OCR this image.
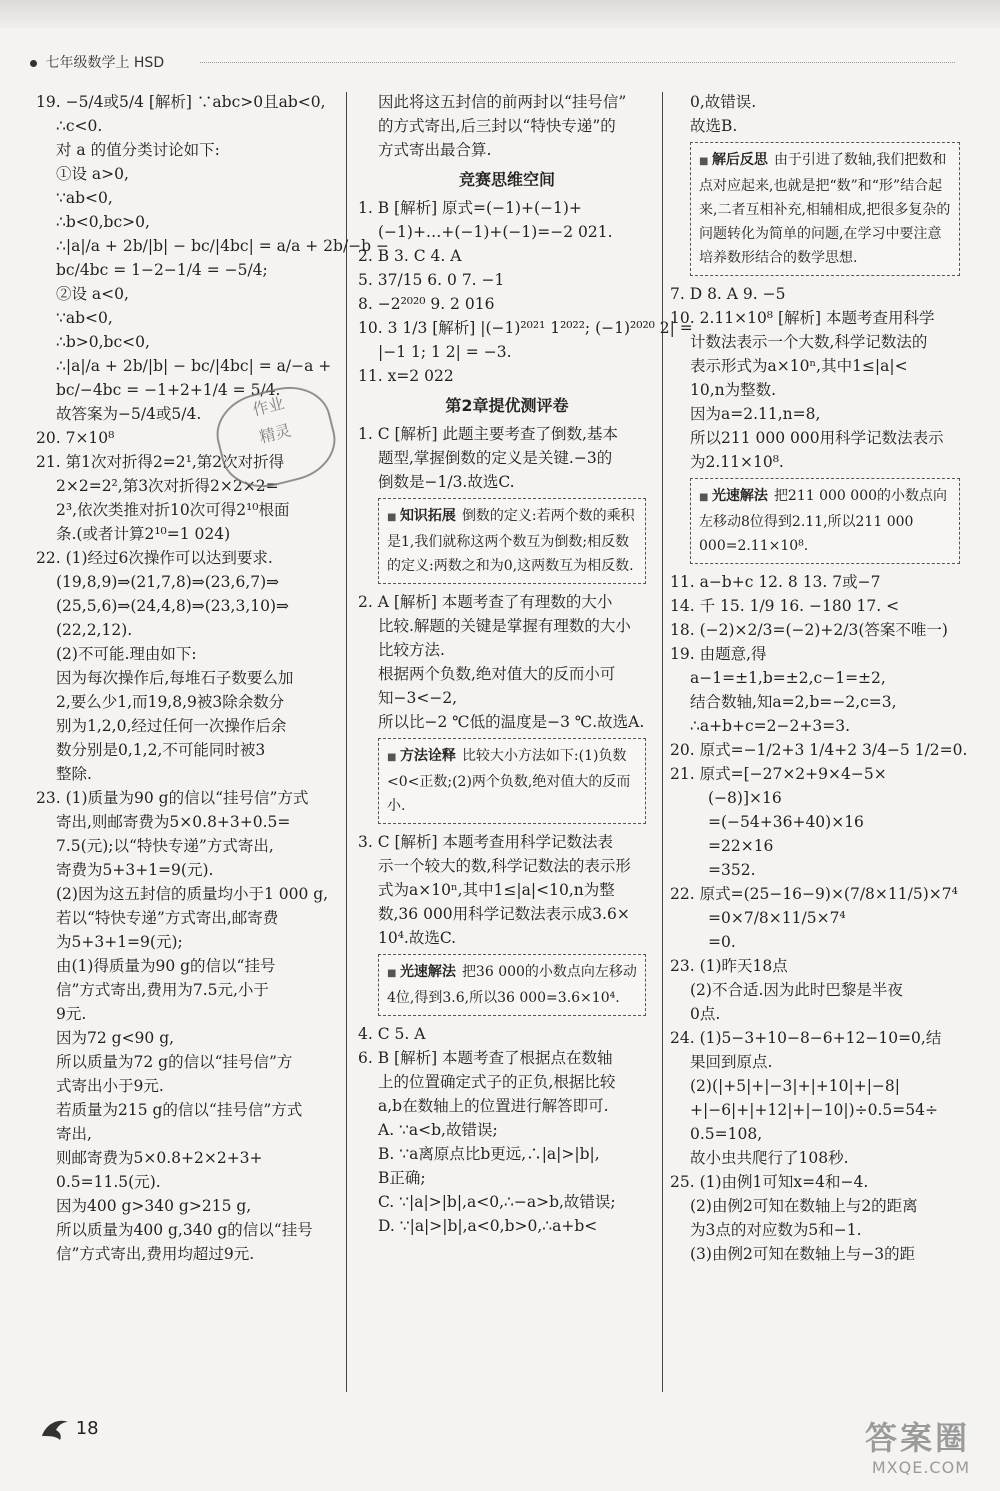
七年级数学上 HSD
19. −5/4或5/4 [解析] ∵abc>0且ab<0,
∴c<0.
对 a 的值分类讨论如下:
①设 a>0,
∵ab<0,
∴b<0,bc>0,
∴|a|/a + 2b/|b| − bc/|4bc| = a/a + 2b/−b −
bc/4bc = 1−2−1/4 = −5/4;
②设 a<0,
∵ab<0,
∴b>0,bc<0,
∴|a|/a + 2b/|b| − bc/|4bc| = a/−a +
bc/−4bc = −1+2+1/4 = 5/4.
故答案为−5/4或5/4.
20. 7×10⁸
21. 第1次对折得2=2¹,第2次对折得
2×2=2²,第3次对折得2×2×2=
2³,依次类推对折10次可得2¹⁰根面
条.(或者计算2¹⁰=1 024)
22. (1)经过6次操作可以达到要求.
(19,8,9)⇒(21,7,8)⇒(23,6,7)⇒
(25,5,6)⇒(24,4,8)⇒(23,3,10)⇒
(22,2,12).
(2)不可能.理由如下:
因为每次操作后,每堆石子数要么加
2,要么少1,而19,8,9被3除余数分
别为1,2,0,经过任何一次操作后余
数分别是0,1,2,不可能同时被3
整除.
23. (1)质量为90 g的信以“挂号信”方式
寄出,则邮寄费为5×0.8+3+0.5=
7.5(元);以“特快专递”方式寄出,
寄费为5+3+1=9(元).
(2)因为这五封信的质量均小于1 000 g,
若以“特快专递”方式寄出,邮寄费
为5+3+1=9(元);
由(1)得质量为90 g的信以“挂号
信”方式寄出,费用为7.5元,小于
9元.
因为72 g<90 g,
所以质量为72 g的信以“挂号信”方
式寄出小于9元.
若质量为215 g的信以“挂号信”方式
寄出,
则邮寄费为5×0.8+2×2+3+
0.5=11.5(元).
因为400 g>340 g>215 g,
所以质量为400 g,340 g的信以“挂号
信”方式寄出,费用均超过9元.
因此将这五封信的前两封以“挂号信”
的方式寄出,后三封以“特快专递”的
方式寄出最合算.
竞赛思维空间
1. B [解析] 原式=(−1)+(−1)+
(−1)+…+(−1)+(−1)=−2 021.
2. B 3. C 4. A
5. 37/15 6. 0 7. −1
8. −2²⁰²⁰ 9. 2 016
10. 3 1/3 [解析] |(−1)²⁰²¹ 1²⁰²²; (−1)²⁰²⁰ 2| =
|−1 1; 1 2| = −3.
11. x=2 022
第2章提优测评卷
1. C [解析] 此题主要考查了倒数,基本
题型,掌握倒数的定义是关键.−3的
倒数是−1/3.故选C.
■ 知识拓展 倒数的定义:若两个数的乘积是1,我们就称这两个数互为倒数;相反数的定义:两数之和为0,这两数互为相反数.
2. A [解析] 本题考查了有理数的大小
比较.解题的关键是掌握有理数的大小
比较方法.
根据两个负数,绝对值大的反而小可
知−3<−2,
所以比−2 ℃低的温度是−3 ℃.故选A.
■ 方法诠释 比较大小方法如下:(1)负数<0<正数;(2)两个负数,绝对值大的反而小.
3. C [解析] 本题考查用科学记数法表
示一个较大的数,科学记数法的表示形
式为a×10ⁿ,其中1≤|a|<10,n为整
数,36 000用科学记数法表示成3.6×
10⁴.故选C.
■ 光速解法 把36 000的小数点向左移动4位,得到3.6,所以36 000=3.6×10⁴.
4. C 5. A
6. B [解析] 本题考查了根据点在数轴
上的位置确定式子的正负,根据比较
a,b在数轴上的位置进行解答即可.
A. ∵a<b,故错误;
B. ∵a离原点比b更远,∴|a|>|b|,
B正确;
C. ∵|a|>|b|,a<0,∴−a>b,故错误;
D. ∵|a|>|b|,a<0,b>0,∴a+b<
0,故错误.
故选B.
■ 解后反思 由于引进了数轴,我们把数和点对应起来,也就是把“数”和“形”结合起来,二者互相补充,相辅相成,把很多复杂的问题转化为简单的问题,在学习中要注意培养数形结合的数学思想.
7. D 8. A 9. −5
10. 2.11×10⁸ [解析] 本题考查用科学
计数法表示一个大数,科学记数法的
表示形式为a×10ⁿ,其中1≤|a|<
10,n为整数.
因为a=2.11,n=8,
所以211 000 000用科学记数法表示
为2.11×10⁸.
■ 光速解法 把211 000 000的小数点向左移动8位得到2.11,所以211 000 000=2.11×10⁸.
11. a−b+c 12. 8 13. 7或−7
14. 千 15. 1/9 16. −180 17. <
18. (−2)×2/3=(−2)+2/3(答案不唯一)
19. 由题意,得
a−1=±1,b=±2,c−1=±2,
结合数轴,知a=2,b=−2,c=3,
∴a+b+c=2−2+3=3.
20. 原式=−1/2+3 1/4+2 3/4−5 1/2=0.
21. 原式=[−27×2+9×4−5×
(−8)]×16
=(−54+36+40)×16
=22×16
=352.
22. 原式=(25−16−9)×(7/8×11/5)×7⁴
=0×7/8×11/5×7⁴
=0.
23. (1)昨天18点
(2)不合适.因为此时巴黎是半夜
0点.
24. (1)5−3+10−8−6+12−10=0,结
果回到原点.
(2)(|+5|+|−3|+|+10|+|−8|
+|−6|+|+12|+|−10|)÷0.5=54÷
0.5=108,
故小虫共爬行了108秒.
25. (1)由例1可知x=4和−4.
(2)由例2可知在数轴上与2的距离
为3点的对应数为5和−1.
(3)由例2可知在数轴上与−3的距
作业
精灵
18	答案圈
MXQE.COM
